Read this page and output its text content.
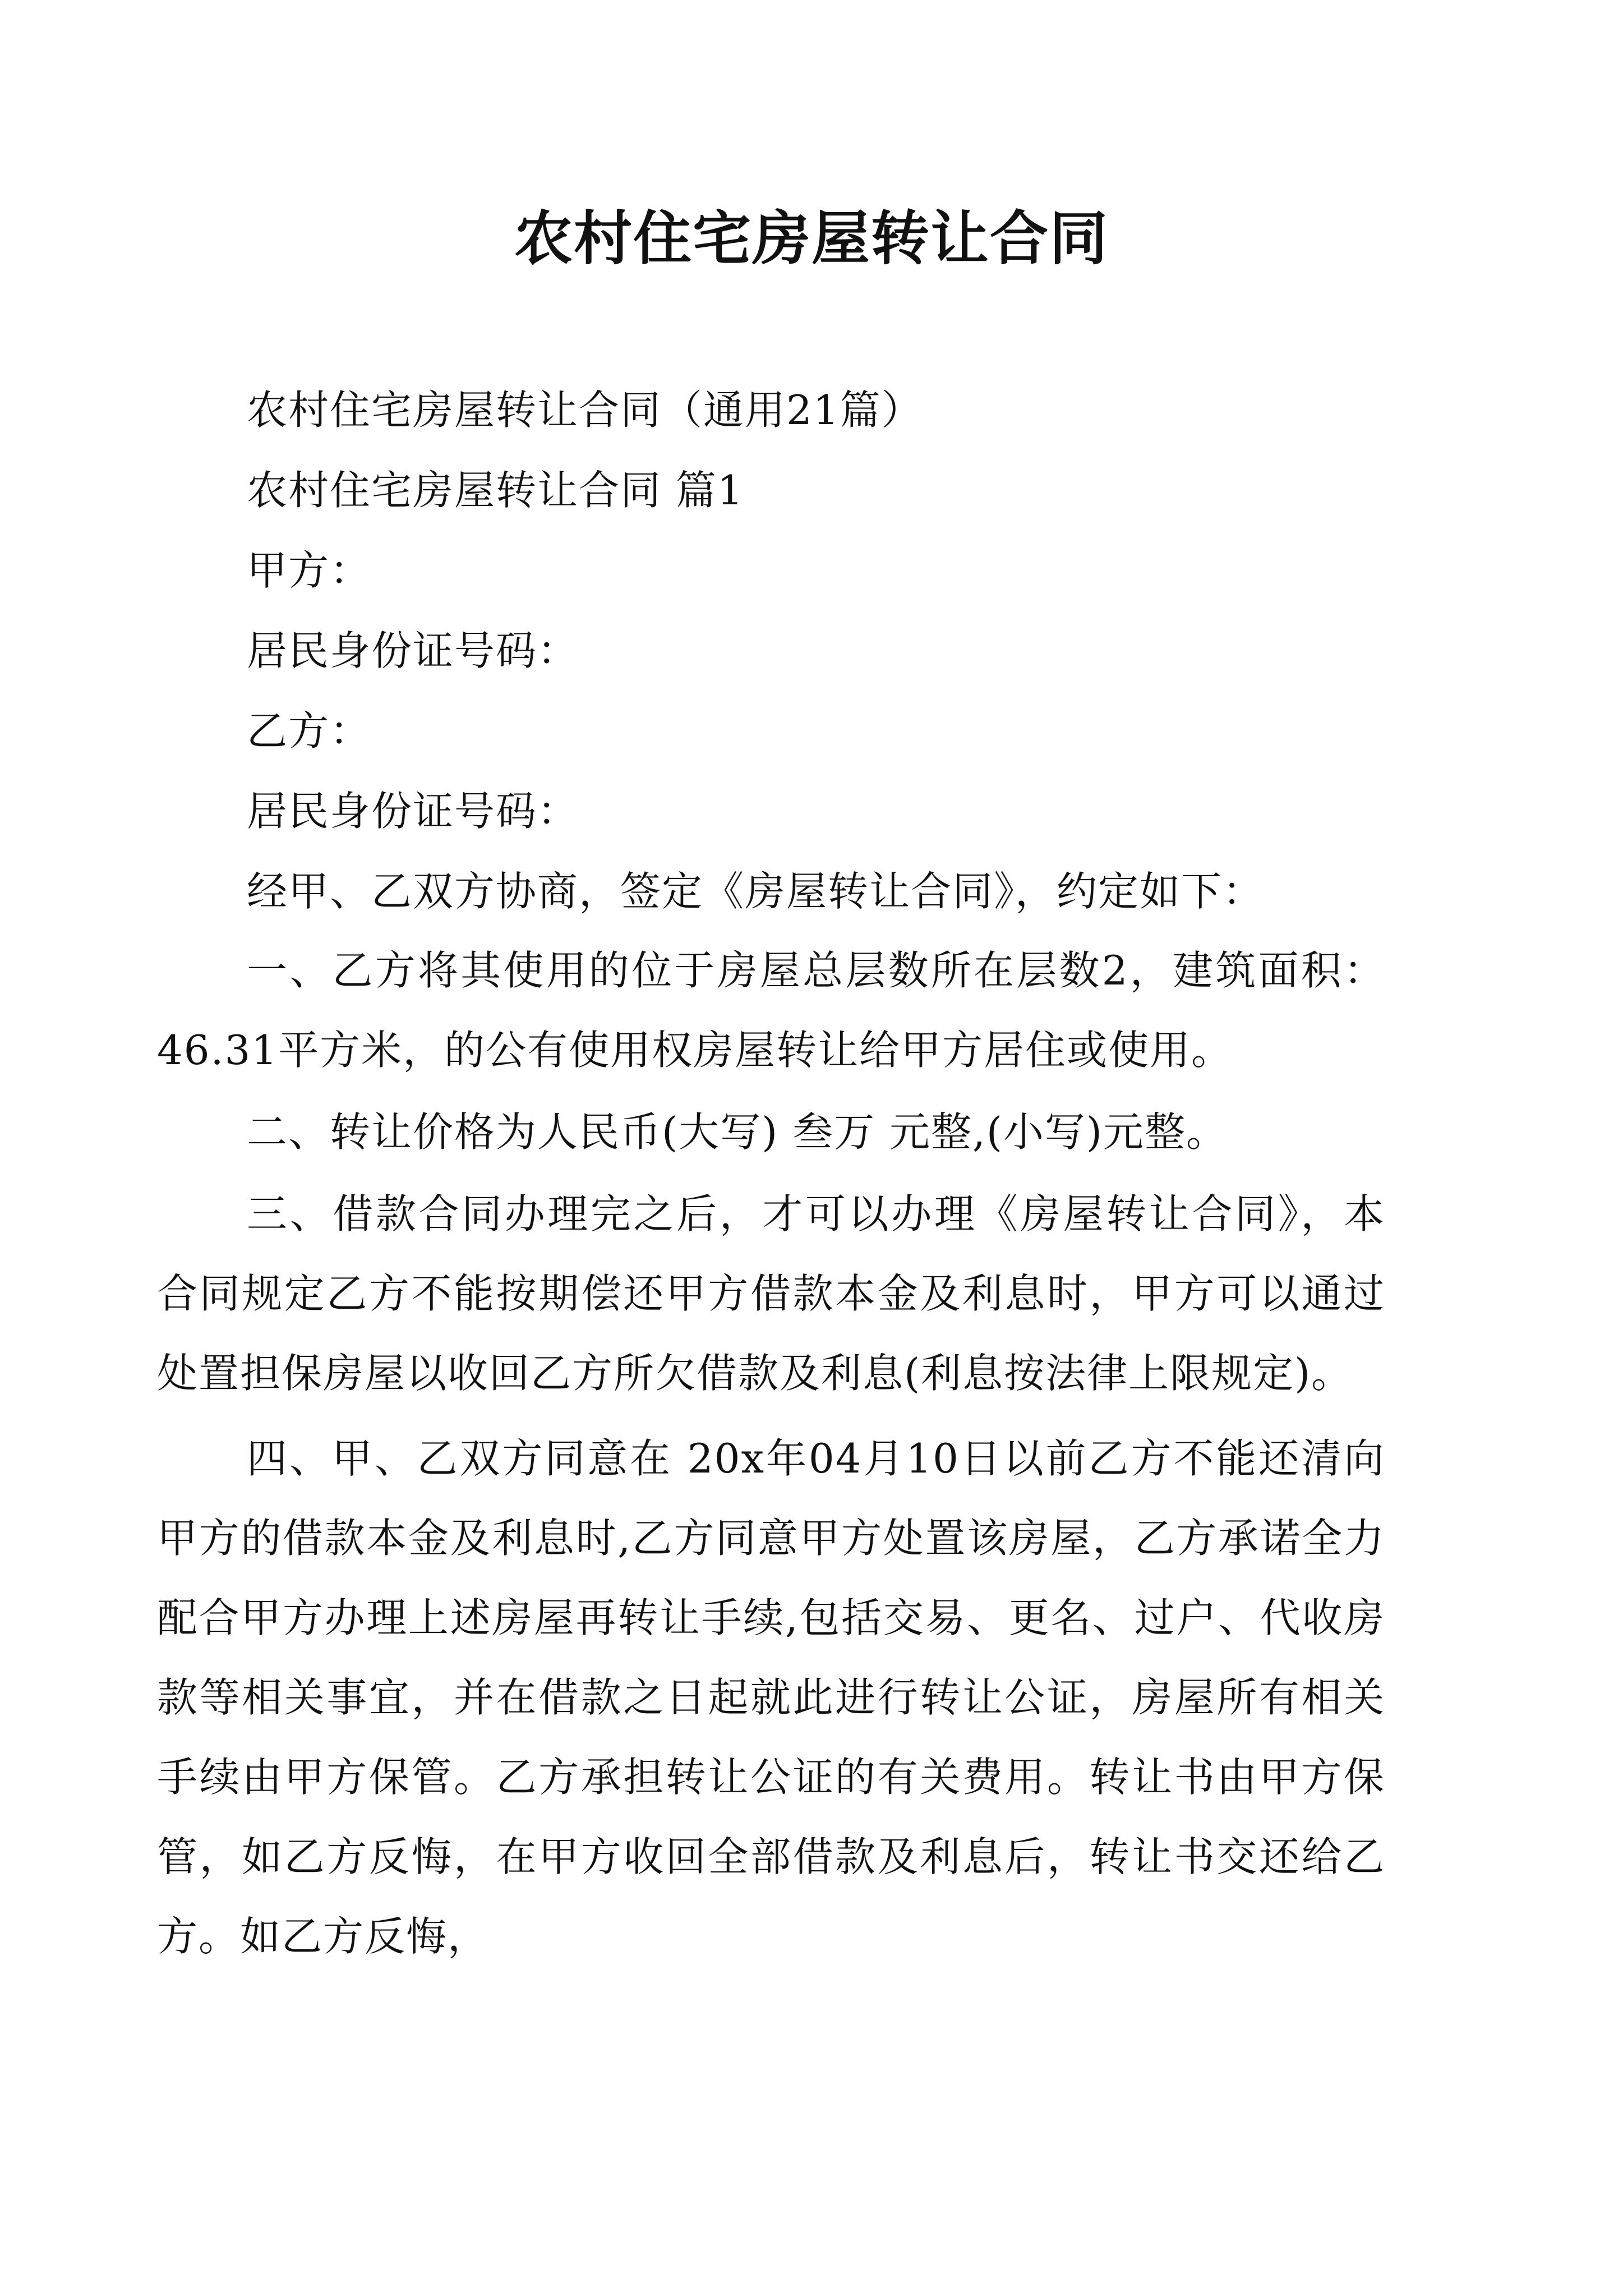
农村住宅房屋转让合同

农村住宅房屋转让合同（通用21篇）

农村住宅房屋转让合同 篇1

甲方：

居民身份证号码：

乙方：

居民身份证号码：

经甲、乙双方协商，签定《房屋转让合同》，约定如下：

一、乙方将其使用的位于房屋总层数所在层数2，建筑面积：46.31平方米，的公有使用权房屋转让给甲方居住或使用。

二、转让价格为人民币(大写) 叁万 元整,(小写)元整。

三、借款合同办理完之后，才可以办理《房屋转让合同》，本合同规定乙方不能按期偿还甲方借款本金及利息时，甲方可以通过处置担保房屋以收回乙方所欠借款及利息(利息按法律上限规定)。

四、甲、乙双方同意在 20x年04月10日以前乙方不能还清向甲方的借款本金及利息时,乙方同意甲方处置该房屋，乙方承诺全力配合甲方办理上述房屋再转让手续,包括交易、更名、过户、代收房款等相关事宜，并在借款之日起就此进行转让公证，房屋所有相关手续由甲方保管。乙方承担转让公证的有关费用。转让书由甲方保管，如乙方反悔，在甲方收回全部借款及利息后，转让书交还给乙方。如乙方反悔，
